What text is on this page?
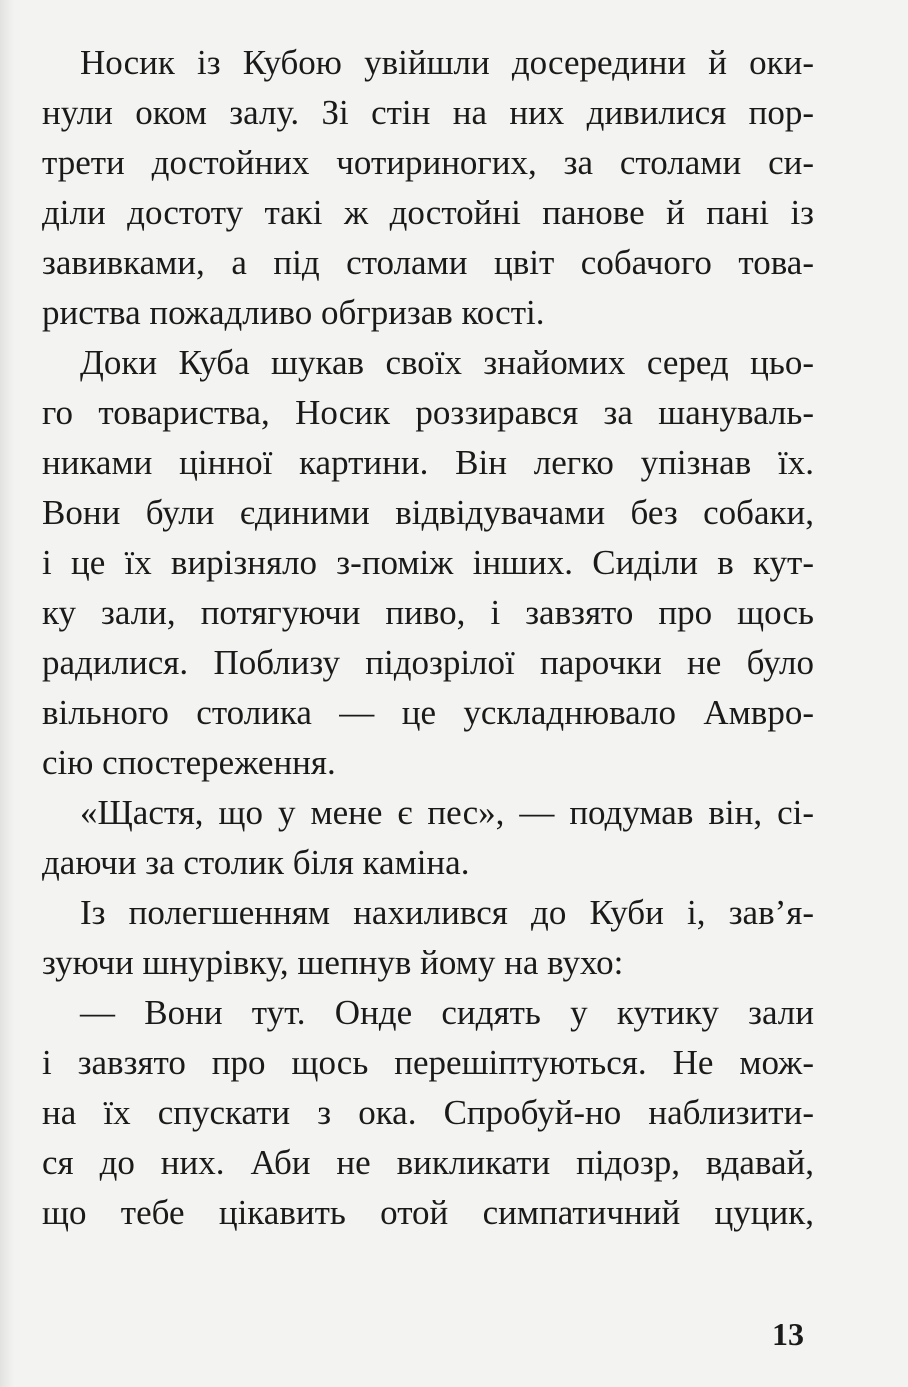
Носик із Кубою увійшли досередини й оки-
нули оком залу. Зі стін на них дивилися пор-
трети достойних чотириногих, за столами си-
діли достоту такі ж достойні панове й пані із
завивками, а під столами цвіт собачого това-
риства пожадливо обгризав кості.
Доки Куба шукав своїх знайомих серед цьо-
го товариства, Носик роззирався за шануваль-
никами цінної картини. Він легко упізнав їх.
Вони були єдиними відвідувачами без собаки,
і це їх вирізняло з-поміж інших. Сиділи в кут-
ку зали, потягуючи пиво, і завзято про щось
радилися. Поблизу підозрілої парочки не було
вільного столика — це ускладнювало Амвро-
сію спостереження.
«Щастя, що у мене є пес», — подумав він, сі-
даючи за столик біля каміна.
Із полегшенням нахилився до Куби і, зав’я-
зуючи шнурівку, шепнув йому на вухо:
— Вони тут. Онде сидять у кутику зали
і завзято про щось перешіптуються. Не мож-
на їх спускати з ока. Спробуй-но наблизити-
ся до них. Аби не викликати підозр, вдавай,
що тебе цікавить отой симпатичний цуцик,
13
